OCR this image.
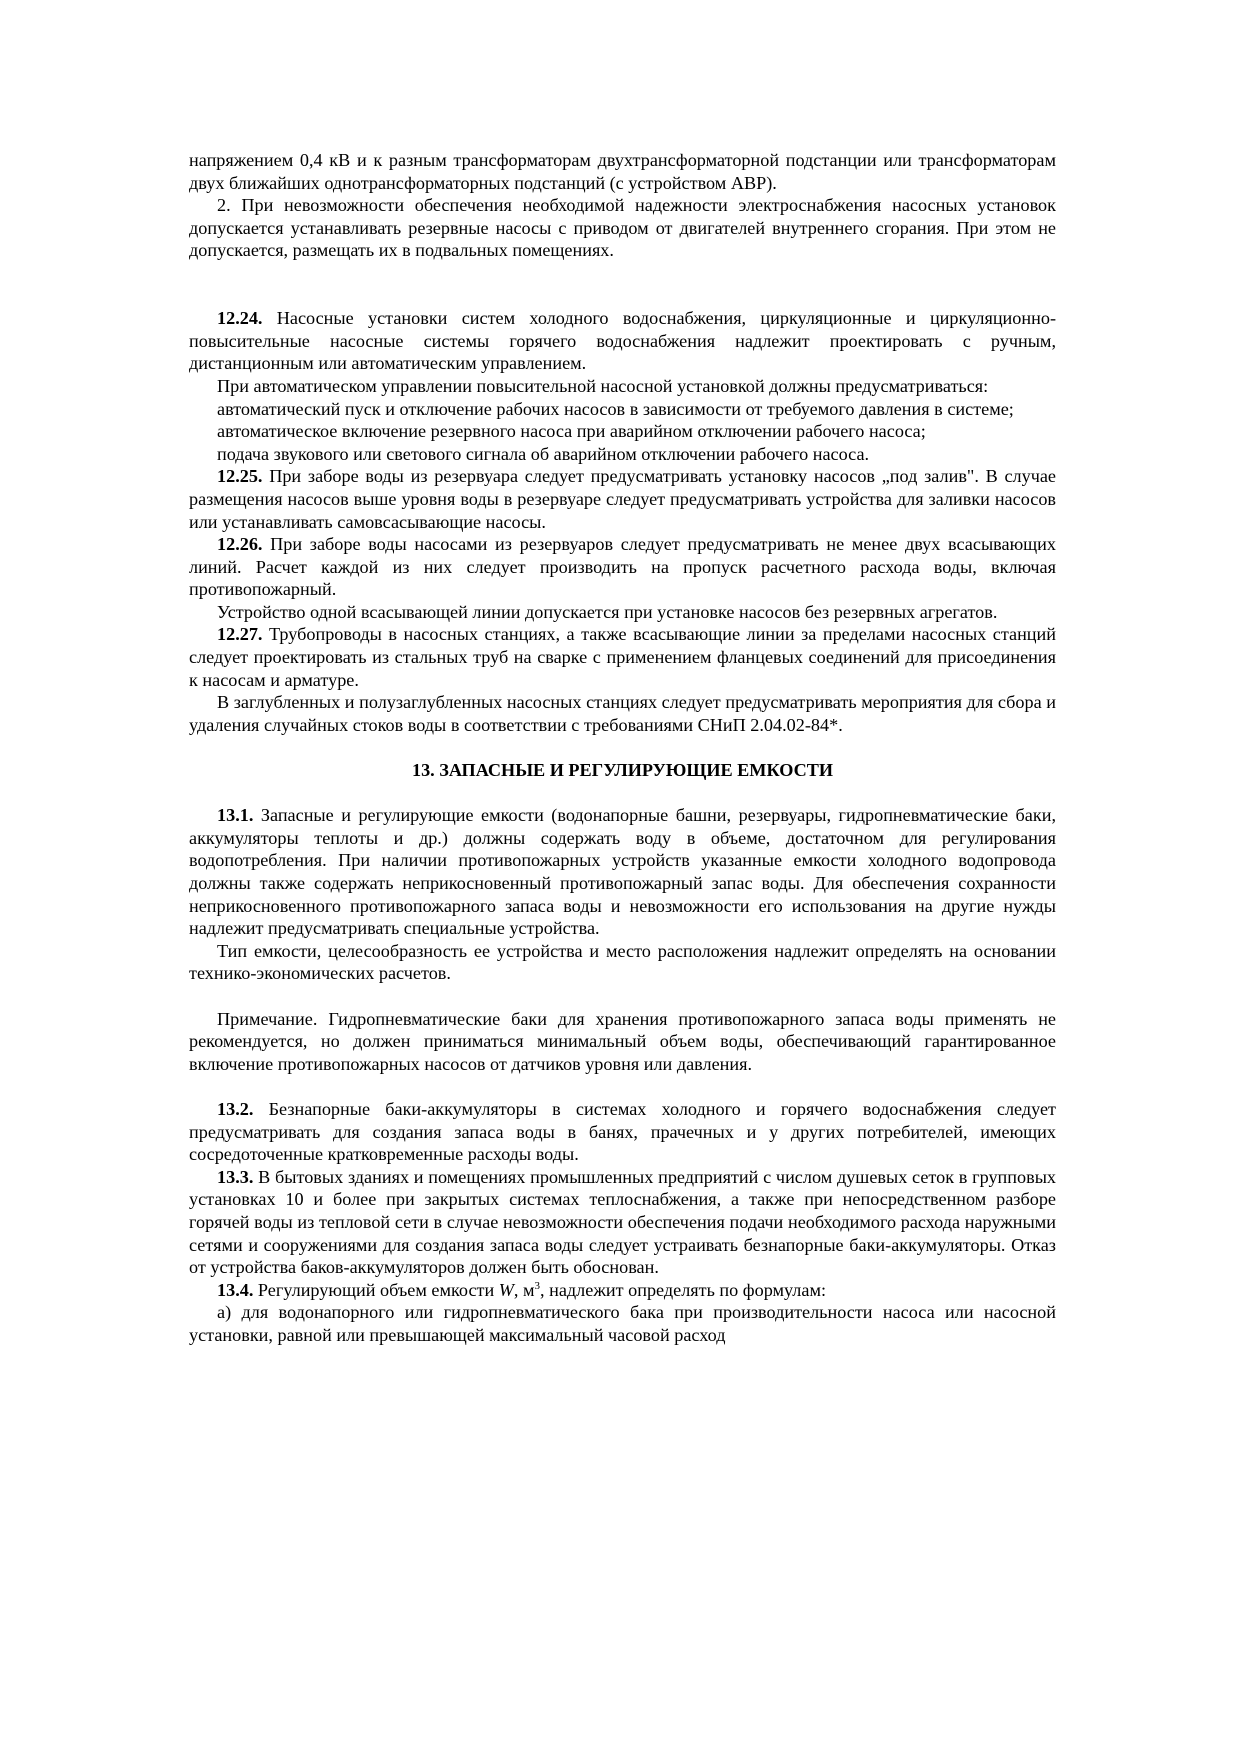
напряжением 0,4 кВ и к разным трансформаторам двухтрансформаторной подстанции или трансформаторам двух ближайших однотрансформаторных подстанций (с устройством АВР).

2. При невозможности обеспечения необходимой надежности электроснабжения насосных установок допускается устанавливать резервные насосы с приводом от двигателей внутреннего сгорания. При этом не допускается, размещать их в подвальных помещениях.

12.24. Насосные установки систем холодного водоснабжения, циркуляционные и циркуляционно-повысительные насосные системы горячего водоснабжения надлежит проектировать с ручным, дистанционным или автоматическим управлением.

При автоматическом управлении повысительной насосной установкой должны предусматриваться:

автоматический пуск и отключение рабочих насосов в зависимости от требуемого давления в системе;

автоматическое включение резервного насоса при аварийном отключении рабочего насоса;

подача звукового или светового сигнала об аварийном отключении рабочего насоса.

12.25. При заборе воды из резервуара следует предусматривать установку насосов „под залив". В случае размещения насосов выше уровня воды в резервуаре следует предусматривать устройства для заливки насосов или устанавливать самовсасывающие насосы.

12.26. При заборе воды насосами из резервуаров следует предусматривать не менее двух всасывающих линий. Расчет каждой из них следует производить на пропуск расчетного расхода воды, включая противопожарный.

Устройство одной всасывающей линии допускается при установке насосов без резервных агрегатов.

12.27. Трубопроводы в насосных станциях, а также всасывающие линии за пределами насосных станций следует проектировать из стальных труб на сварке с применением фланцевых соединений для присоединения к насосам и арматуре.

В заглубленных и полузаглубленных насосных станциях следует предусматривать мероприятия для сбора и удаления случайных стоков воды в соответствии с требованиями СНиП 2.04.02-84*.

13. ЗАПАСНЫЕ И РЕГУЛИРУЮЩИЕ ЕМКОСТИ

13.1. Запасные и регулирующие емкости (водонапорные башни, резервуары, гидропневматические баки, аккумуляторы теплоты и др.) должны содержать воду в объеме, достаточном для регулирования водопотребления. При наличии противопожарных устройств указанные емкости холодного водопровода должны также содержать неприкосновенный противопожарный запас воды. Для обеспечения сохранности неприкосновенного противопожарного запаса воды и невозможности его использования на другие нужды надлежит предусматривать специальные устройства.

Тип емкости, целесообразность ее устройства и место расположения надлежит определять на основании технико-экономических расчетов.

Примечание. Гидропневматические баки для хранения противопожарного запаса воды применять не рекомендуется, но должен приниматься минимальный объем воды, обеспечивающий гарантированное включение противопожарных насосов от датчиков уровня или давления.

13.2. Безнапорные баки-аккумуляторы в системах холодного и горячего водоснабжения следует предусматривать для создания запаса воды в банях, прачечных и у других потребителей, имеющих сосредоточенные кратковременные расходы воды.

13.3. В бытовых зданиях и помещениях промышленных предприятий с числом душевых сеток в групповых установках 10 и более при закрытых системах теплоснабжения, а также при непосредственном разборе горячей воды из тепловой сети в случае невозможности обеспечения подачи необходимого расхода наружными сетями и сооружениями для создания запаса воды следует устраивать безнапорные баки-аккумуляторы. Отказ от устройства баков-аккумуляторов должен быть обоснован.

13.4. Регулирующий объем емкости W, $м^3$, надлежит определять по формулам:

а) для водонапорного или гидропневматического бака при производительности насоса или насосной установки, равной или превышающей максимальный часовой расход
